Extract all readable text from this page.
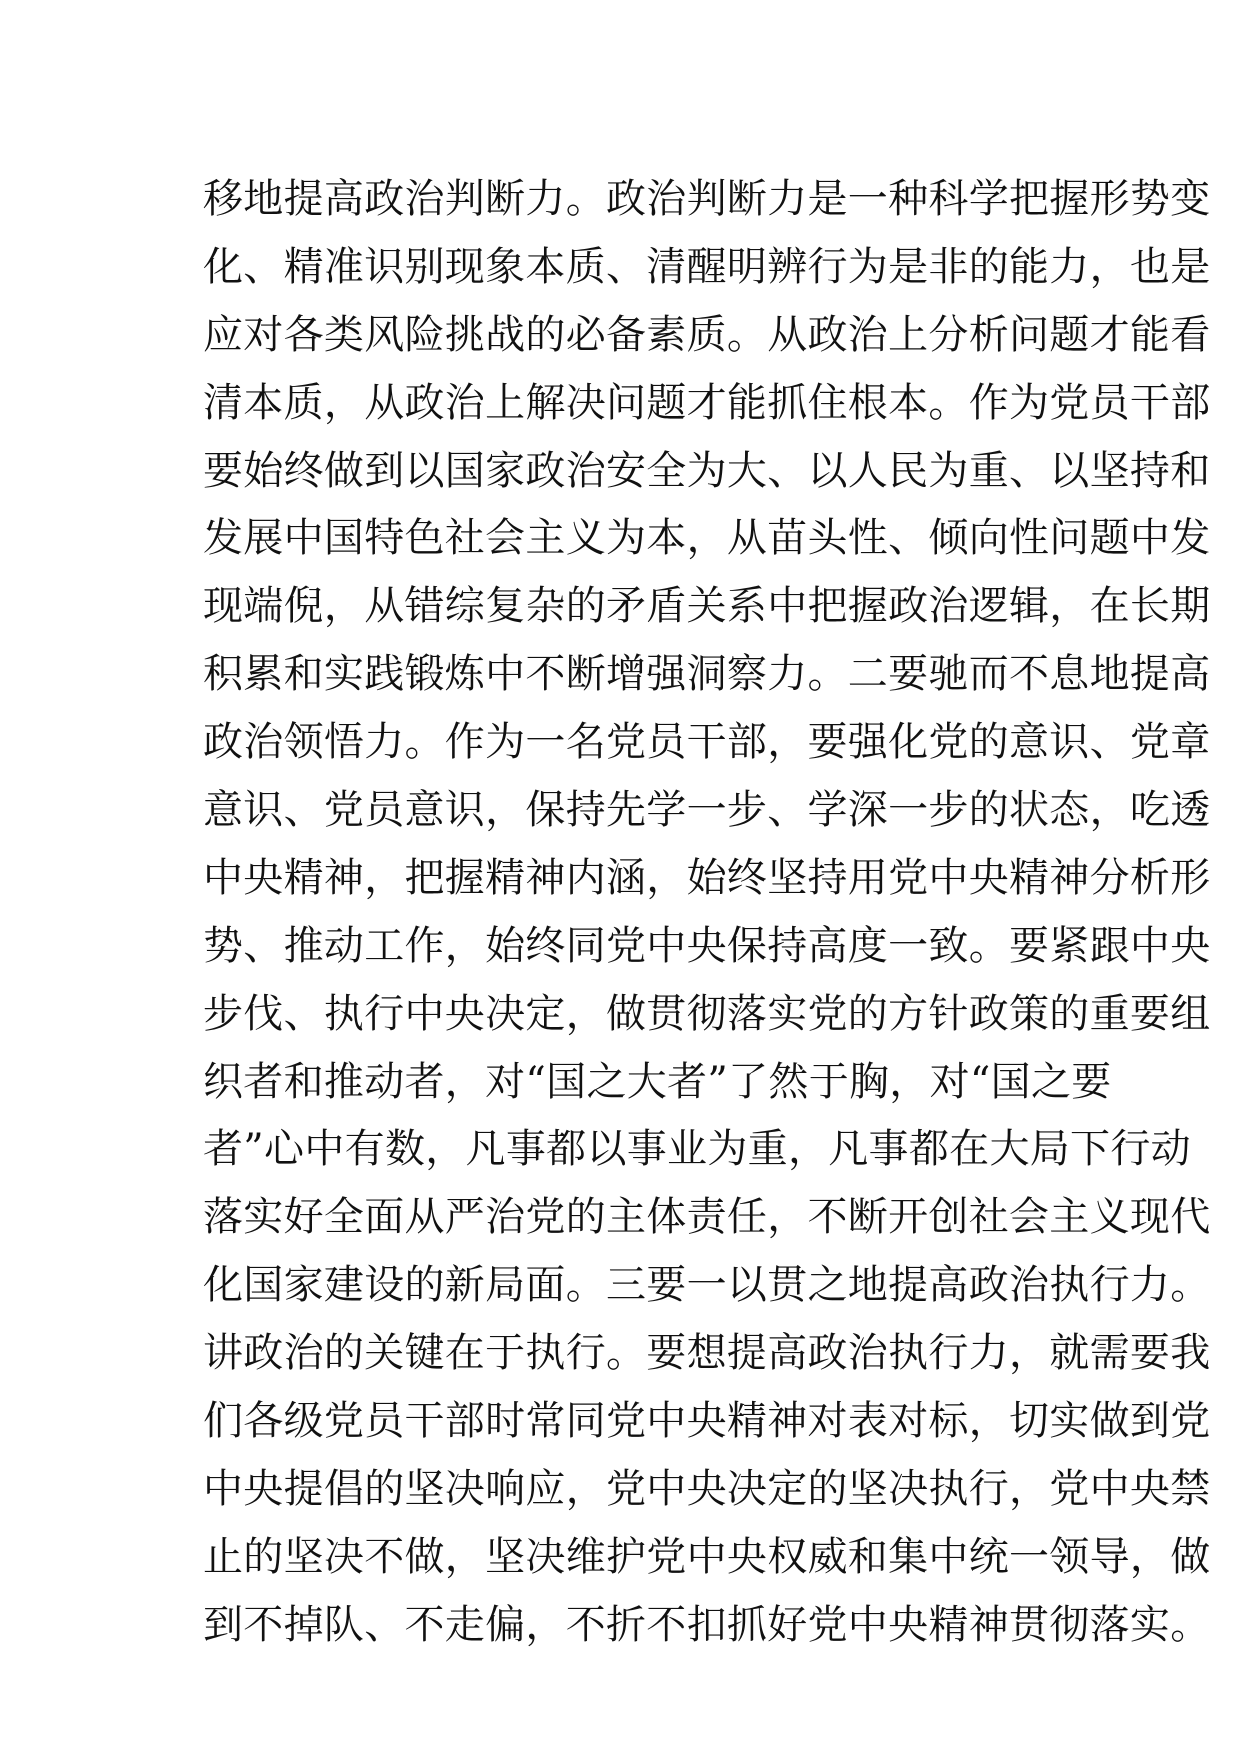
移地提高政治判断力。政治判断力是一种科学把握形势变
化、精准识别现象本质、清醒明辨行为是非的能力，也是
应对各类风险挑战的必备素质。从政治上分析问题才能看
清本质，从政治上解决问题才能抓住根本。作为党员干部
要始终做到以国家政治安全为大、以人民为重、以坚持和
发展中国特色社会主义为本，从苗头性、倾向性问题中发
现端倪，从错综复杂的矛盾关系中把握政治逻辑，在长期
积累和实践锻炼中不断增强洞察力。二要驰而不息地提高
政治领悟力。作为一名党员干部，要强化党的意识、党章
意识、党员意识，保持先学一步、学深一步的状态，吃透
中央精神，把握精神内涵，始终坚持用党中央精神分析形
势、推动工作，始终同党中央保持高度一致。要紧跟中央
步伐、执行中央决定，做贯彻落实党的方针政策的重要组
织者和推动者，对“国之大者”了然于胸，对“国之要
者”心中有数，凡事都以事业为重，凡事都在大局下行动
落实好全面从严治党的主体责任，不断开创社会主义现代
化国家建设的新局面。三要一以贯之地提高政治执行力。
讲政治的关键在于执行。要想提高政治执行力，就需要我
们各级党员干部时常同党中央精神对表对标，切实做到党
中央提倡的坚决响应，党中央决定的坚决执行，党中央禁
止的坚决不做，坚决维护党中央权威和集中统一领导，做
到不掉队、不走偏，不折不扣抓好党中央精神贯彻落实。
